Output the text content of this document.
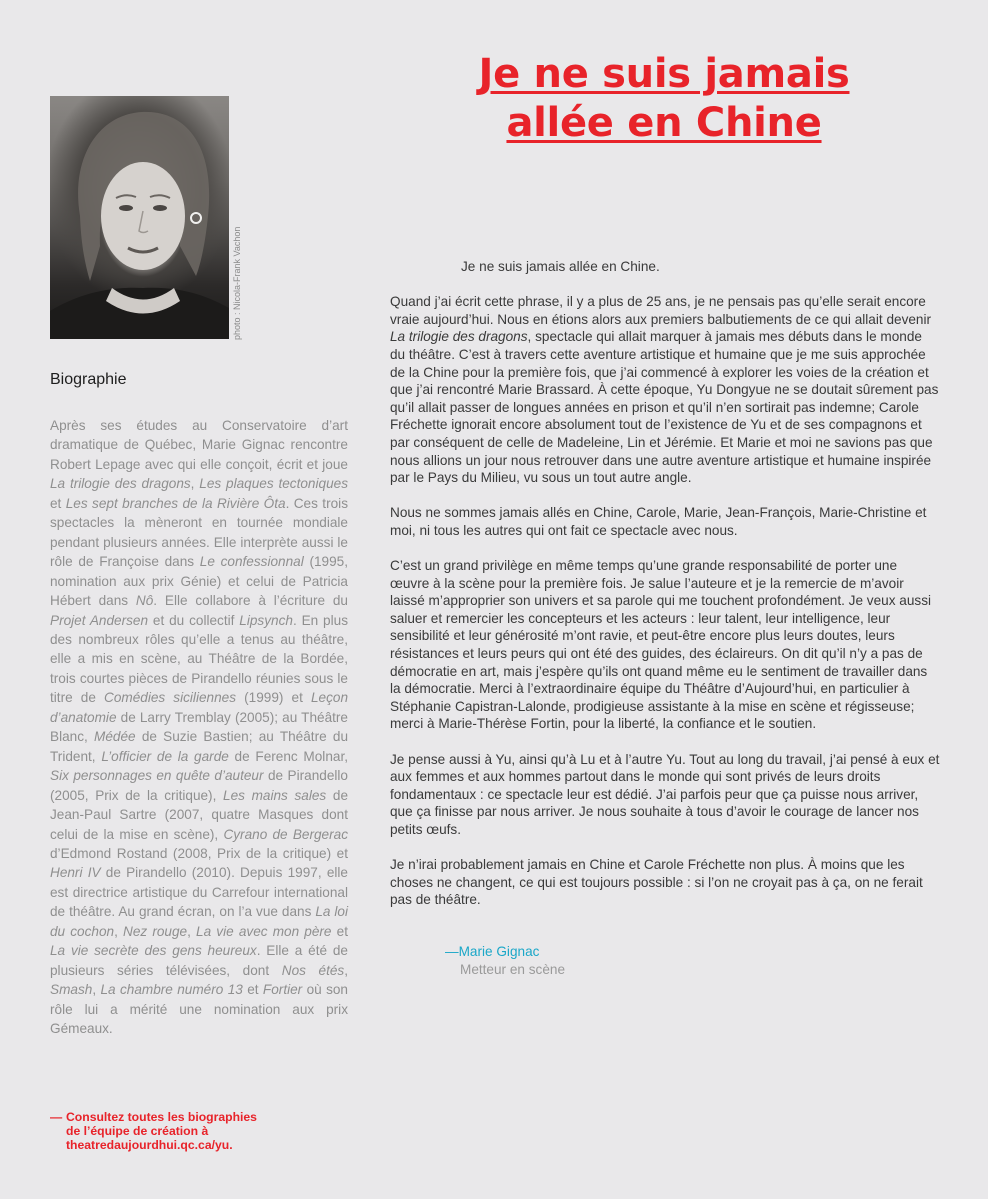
Je ne suis jamais
allée en Chine
photo : Nicola-Frank Vachon
Biographie

Après ses études au Conservatoire d’art dramatique de Québec, Marie Gignac rencontre Robert Lepage avec qui elle conçoit, écrit et joue La trilogie des dragons, Les plaques tectoniques et Les sept branches de la Rivière Ôta. Ces trois spectacles la mèneront en tournée mondiale pendant plusieurs années. Elle interprète aussi le rôle de Françoise dans Le confessionnal (1995, nomination aux prix Génie) et celui de Patricia Hébert dans Nô. Elle collabore à l’écriture du Projet Andersen et du collectif Lipsynch. En plus des nombreux rôles qu’elle a tenus au théâtre, elle a mis en scène, au Théâtre de la Bordée, trois courtes pièces de Pirandello réunies sous le titre de Comédies siciliennes (1999) et Leçon d’anatomie de Larry Tremblay (2005); au Théâtre Blanc, Médée de Suzie Bastien; au Théâtre du Trident, L’officier de la garde de Ferenc Molnar, Six personnages en quête d’auteur de Pirandello (2005, Prix de la critique), Les mains sales de Jean-Paul Sartre (2007, quatre Masques dont celui de la mise en scène), Cyrano de Bergerac d’Edmond Rostand (2008, Prix de la critique) et Henri IV de Pirandello (2010). Depuis 1997, elle est directrice artistique du Carrefour international de théâtre. Au grand écran, on l’a vue dans La loi du cochon, Nez rouge, La vie avec mon père et La vie secrète des gens heureux. Elle a été de plusieurs séries télévisées, dont Nos étés, Smash, La chambre numéro 13 et Fortier où son rôle lui a mérité une nomination aux prix Gémeaux.

— Consultez toutes les biographies
de l’équipe de création à
theatredaujourdhui.qc.ca/yu.

Je ne suis jamais allée en Chine.

Quand j’ai écrit cette phrase, il y a plus de 25 ans, je ne pensais pas qu’elle serait encore vraie aujourd’hui. Nous en étions alors aux premiers balbutiements de ce qui allait devenir La trilogie des dragons, spectacle qui allait marquer à jamais mes débuts dans le monde du théâtre. C’est à travers cette aventure artistique et humaine que je me suis approchée de la Chine pour la première fois, que j’ai commencé à explorer les voies de la création et que j’ai rencontré Marie Brassard. À cette époque, Yu Dongyue ne se doutait sûrement pas qu’il allait passer de longues années en prison et qu’il n’en sortirait pas indemne; Carole Fréchette ignorait encore absolument tout de l’existence de Yu et de ses compagnons et par conséquent de celle de Madeleine, Lin et Jérémie. Et Marie et moi ne savions pas que nous allions un jour nous retrouver dans une autre aventure artistique et humaine inspirée par le Pays du Milieu, vu sous un tout autre angle.

Nous ne sommes jamais allés en Chine, Carole, Marie, Jean-François, Marie-Christine et moi, ni tous les autres qui ont fait ce spectacle avec nous.

C’est un grand privilège en même temps qu’une grande responsabilité de porter une œuvre à la scène pour la première fois. Je salue l’auteure et je la remercie de m’avoir laissé m’approprier son univers et sa parole qui me touchent profondément. Je veux aussi saluer et remercier les concepteurs et les acteurs : leur talent, leur intelligence, leur sensibilité et leur générosité m’ont ravie, et peut-être encore plus leurs doutes, leurs résistances et leurs peurs qui ont été des guides, des éclaireurs. On dit qu’il n’y a pas de démocratie en art, mais j’espère qu’ils ont quand même eu le sentiment de travailler dans la démocratie. Merci à l’extraordinaire équipe du Théâtre d’Aujourd’hui, en particulier à Stéphanie Capistran-Lalonde, prodigieuse assistante à la mise en scène et régisseuse; merci à Marie-Thérèse Fortin, pour la liberté, la confiance et le soutien.

Je pense aussi à Yu, ainsi qu’à Lu et à l’autre Yu. Tout au long du travail, j’ai pensé à eux et aux femmes et aux hommes partout dans le monde qui sont privés de leurs droits fondamentaux : ce spectacle leur est dédié. J’ai parfois peur que ça puisse nous arriver, que ça finisse par nous arriver. Je nous souhaite à tous d’avoir le courage de lancer nos petits œufs.

Je n’irai probablement jamais en Chine et Carole Fréchette non plus. À moins que les choses ne changent, ce qui est toujours possible : si l’on ne croyait pas à ça, on ne ferait pas de théâtre.

—Marie Gignac
Metteur en scène
